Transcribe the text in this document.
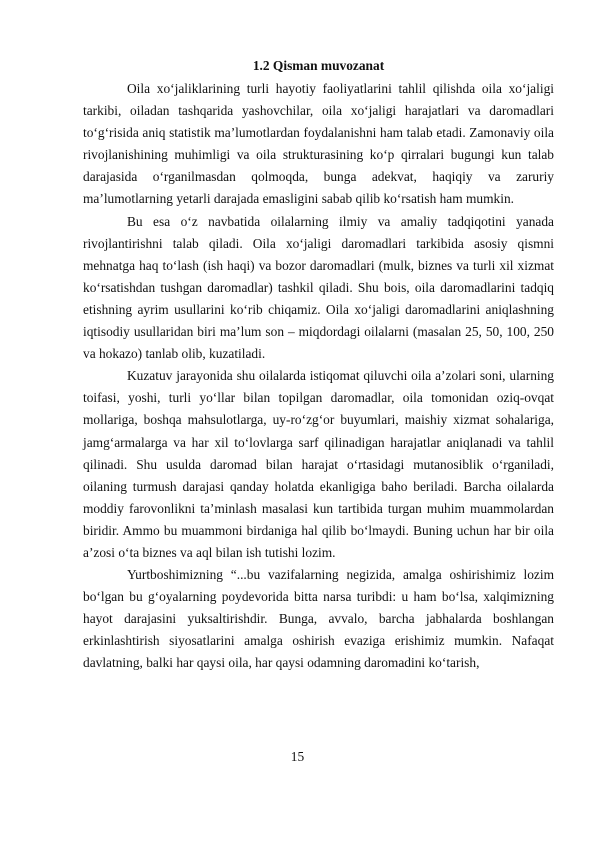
1.2 Qisman muvozanat

Oila xo‘jaliklarining turli hayotiy faoliyatlarini tahlil qilishda oila xo‘jaligi tarkibi, oiladan tashqarida yashovchilar, oila xo‘jaligi harajatlari va daromadlari to‘g‘risida aniq statistik ma’lumotlardan foydalanishni ham talab etadi. Zamonaviy oila rivojlanishining muhimligi va oila strukturasining ko‘p qirralari bugungi kun talab darajasida o‘rganilmasdan qolmoqda, bunga adekvat, haqiqiy va zaruriy ma’lumotlarning yetarli darajada emasligini sabab qilib ko‘rsatish ham mumkin.

Bu esa o‘z navbatida oilalarning ilmiy va amaliy tadqiqotini yanada rivojlantirishni talab qiladi. Oila xo‘jaligi daromadlari tarkibida asosiy qismni mehnatga haq to‘lash (ish haqi) va bozor daromadlari (mulk, biznes va turli xil xizmat ko‘rsatishdan tushgan daromadlar) tashkil qiladi. Shu bois, oila daromadlarini tadqiq etishning ayrim usullarini ko‘rib chiqamiz. Oila xo‘jaligi daromadlarini aniqlashning iqtisodiy usullaridan biri ma’lum son – miqdordagi oilalarni (masalan 25, 50, 100, 250 va hokazo) tanlab olib, kuzatiladi.

Kuzatuv jarayonida shu oilalarda istiqomat qiluvchi oila a’zolari soni, ularning toifasi, yoshi, turli yo‘llar bilan topilgan daromadlar, oila tomonidan oziq-ovqat mollariga, boshqa mahsulotlarga, uy-ro‘zg‘or buyumlari, maishiy xizmat sohalariga, jamg‘armalarga va har xil to‘lovlarga sarf qilinadigan harajatlar aniqlanadi va tahlil qilinadi. Shu usulda daromad bilan harajat o‘rtasidagi mutanosiblik o‘rganiladi, oilaning turmush darajasi qanday holatda ekanligiga baho beriladi. Barcha oilalarda moddiy farovonlikni ta’minlash masalasi kun tartibida turgan muhim muammolardan biridir. Ammo bu muammoni birdaniga hal qilib bo‘lmaydi. Buning uchun har bir oila a’zosi o‘ta biznes va aql bilan ish tutishi lozim.

Yurtboshimizning “...bu vazifalarning negizida, amalga oshirishimiz lozim bo‘lgan bu g‘oyalarning poydevorida bitta narsa turibdi: u ham bo‘lsa, xalqimizning hayot darajasini yuksaltirishdir. Bunga, avvalo, barcha jabhalarda boshlangan erkinlashtirish siyosatlarini amalga oshirish evaziga erishimiz mumkin. Nafaqat davlatning, balki har qaysi oila, har qaysi odamning daromadini ko‘tarish,

15
